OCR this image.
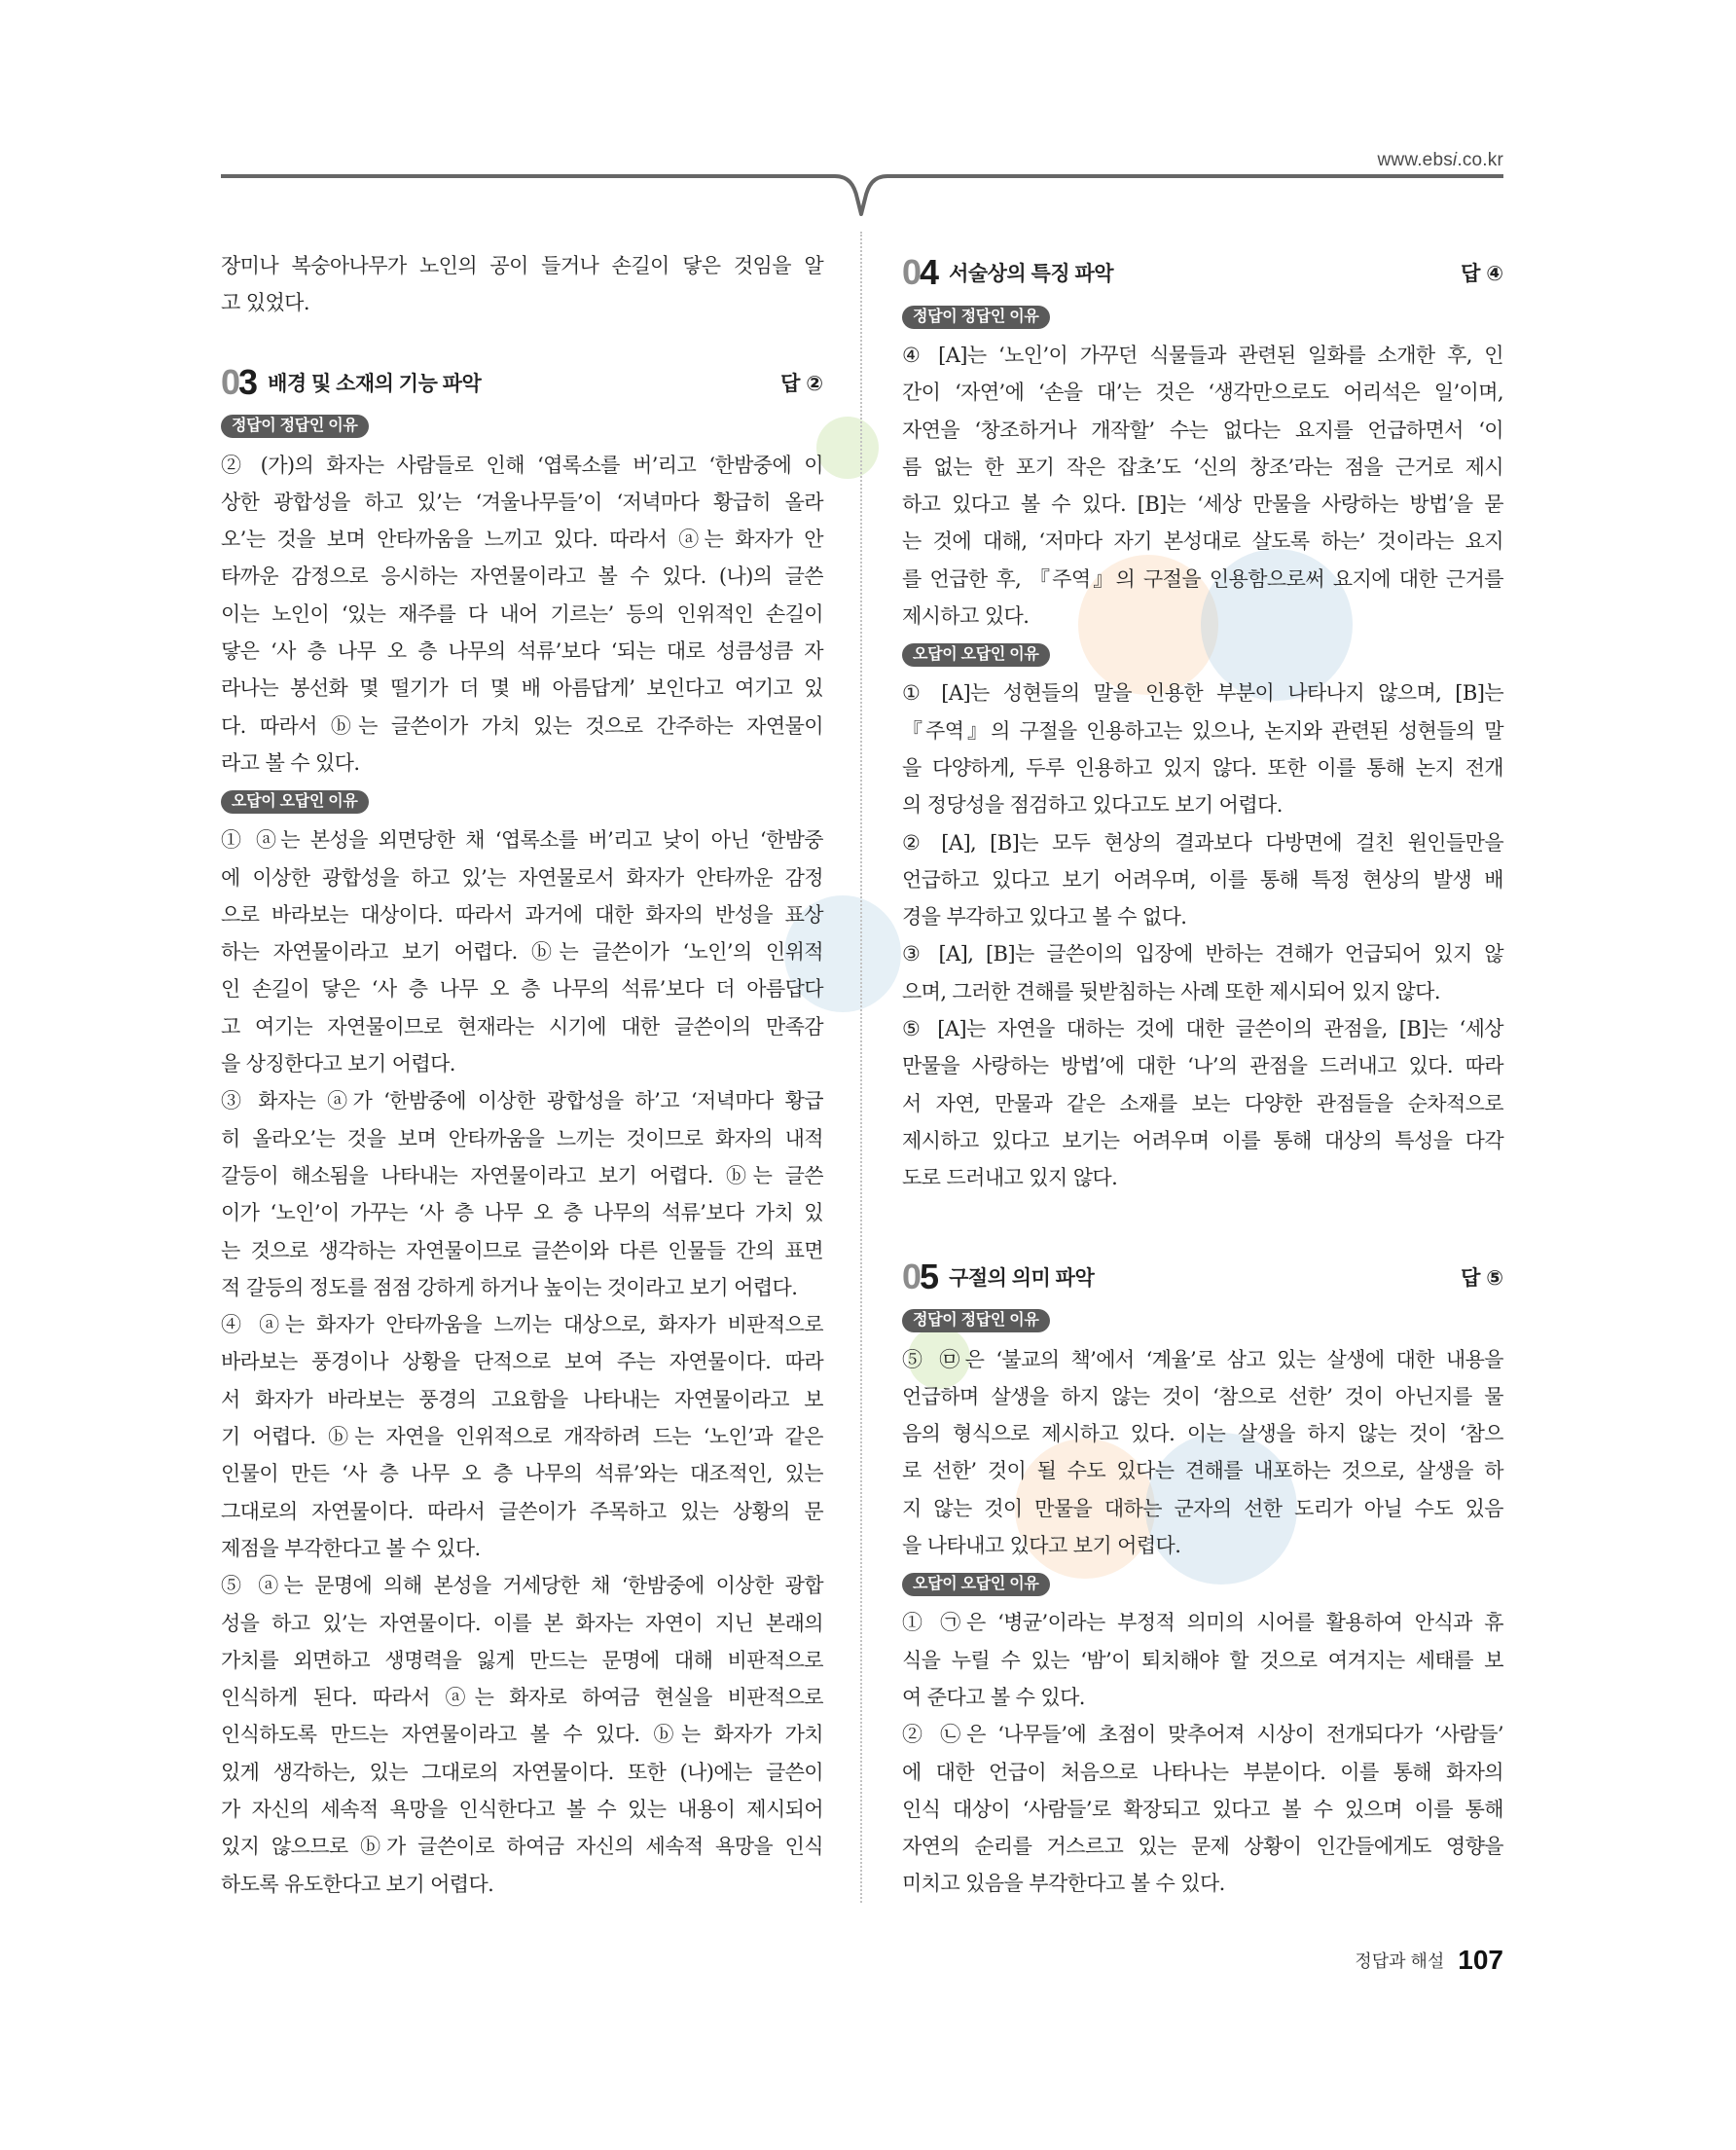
www.ebsi.co.kr
장미나 복숭아나무가 노인의 공이 들거나 손길이 닿은 것임을 알
고 있었다.
03 배경 및 소재의 기능 파악	답 ②
정답이 정답인 이유
② (가)의 화자는 사람들로 인해 ‘엽록소를 버’리고 ‘한밤중에 이
상한 광합성을 하고 있’는 ‘겨울나무들’이 ‘저녁마다 황급히 올라
오’는 것을 보며 안타까움을 느끼고 있다. 따라서 ⓐ는 화자가 안
타까운 감정으로 응시하는 자연물이라고 볼 수 있다. (나)의 글쓴
이는 노인이 ‘있는 재주를 다 내어 기르는’ 등의 인위적인 손길이
닿은 ‘사 층 나무 오 층 나무의 석류’보다 ‘되는 대로 성큼성큼 자
라나는 봉선화 몇 떨기가 더 몇 배 아름답게’ 보인다고 여기고 있
다. 따라서 ⓑ는 글쓴이가 가치 있는 것으로 간주하는 자연물이
라고 볼 수 있다.
오답이 오답인 이유
① ⓐ는 본성을 외면당한 채 ‘엽록소를 버’리고 낮이 아닌 ‘한밤중
에 이상한 광합성을 하고 있’는 자연물로서 화자가 안타까운 감정
으로 바라보는 대상이다. 따라서 과거에 대한 화자의 반성을 표상
하는 자연물이라고 보기 어렵다. ⓑ는 글쓴이가 ‘노인’의 인위적
인 손길이 닿은 ‘사 층 나무 오 층 나무의 석류’보다 더 아름답다
고 여기는 자연물이므로 현재라는 시기에 대한 글쓴이의 만족감
을 상징한다고 보기 어렵다.
③ 화자는 ⓐ가 ‘한밤중에 이상한 광합성을 하’고 ‘저녁마다 황급
히 올라오’는 것을 보며 안타까움을 느끼는 것이므로 화자의 내적
갈등이 해소됨을 나타내는 자연물이라고 보기 어렵다. ⓑ는 글쓴
이가 ‘노인’이 가꾸는 ‘사 층 나무 오 층 나무의 석류’보다 가치 있
는 것으로 생각하는 자연물이므로 글쓴이와 다른 인물들 간의 표면
적 갈등의 정도를 점점 강하게 하거나 높이는 것이라고 보기 어렵다.
④ ⓐ는 화자가 안타까움을 느끼는 대상으로, 화자가 비판적으로
바라보는 풍경이나 상황을 단적으로 보여 주는 자연물이다. 따라
서 화자가 바라보는 풍경의 고요함을 나타내는 자연물이라고 보
기 어렵다. ⓑ는 자연을 인위적으로 개작하려 드는 ‘노인’과 같은
인물이 만든 ‘사 층 나무 오 층 나무의 석류’와는 대조적인, 있는
그대로의 자연물이다. 따라서 글쓴이가 주목하고 있는 상황의 문
제점을 부각한다고 볼 수 있다.
⑤ ⓐ는 문명에 의해 본성을 거세당한 채 ‘한밤중에 이상한 광합
성을 하고 있’는 자연물이다. 이를 본 화자는 자연이 지닌 본래의
가치를 외면하고 생명력을 잃게 만드는 문명에 대해 비판적으로
인식하게 된다. 따라서 ⓐ는 화자로 하여금 현실을 비판적으로
인식하도록 만드는 자연물이라고 볼 수 있다. ⓑ는 화자가 가치
있게 생각하는, 있는 그대로의 자연물이다. 또한 (나)에는 글쓴이
가 자신의 세속적 욕망을 인식한다고 볼 수 있는 내용이 제시되어
있지 않으므로 ⓑ가 글쓴이로 하여금 자신의 세속적 욕망을 인식
하도록 유도한다고 보기 어렵다.
04 서술상의 특징 파악	답 ④
정답이 정답인 이유
④ [A]는 ‘노인’이 가꾸던 식물들과 관련된 일화를 소개한 후, 인
간이 ‘자연’에 ‘손을 대’는 것은 ‘생각만으로도 어리석은 일’이며,
자연을 ‘창조하거나 개작할’ 수는 없다는 요지를 언급하면서 ‘이
름 없는 한 포기 작은 잡초’도 ‘신의 창조’라는 점을 근거로 제시
하고 있다고 볼 수 있다. [B]는 ‘세상 만물을 사랑하는 방법’을 묻
는 것에 대해, ‘저마다 자기 본성대로 살도록 하는’ 것이라는 요지
를 언급한 후, 『주역』의 구절을 인용함으로써 요지에 대한 근거를
제시하고 있다.
오답이 오답인 이유
① [A]는 성현들의 말을 인용한 부분이 나타나지 않으며, [B]는
『주역』의 구절을 인용하고는 있으나, 논지와 관련된 성현들의 말
을 다양하게, 두루 인용하고 있지 않다. 또한 이를 통해 논지 전개
의 정당성을 점검하고 있다고도 보기 어렵다.
② [A], [B]는 모두 현상의 결과보다 다방면에 걸친 원인들만을
언급하고 있다고 보기 어려우며, 이를 통해 특정 현상의 발생 배
경을 부각하고 있다고 볼 수 없다.
③ [A], [B]는 글쓴이의 입장에 반하는 견해가 언급되어 있지 않
으며, 그러한 견해를 뒷받침하는 사례 또한 제시되어 있지 않다.
⑤ [A]는 자연을 대하는 것에 대한 글쓴이의 관점을, [B]는 ‘세상
만물을 사랑하는 방법’에 대한 ‘나’의 관점을 드러내고 있다. 따라
서 자연, 만물과 같은 소재를 보는 다양한 관점들을 순차적으로
제시하고 있다고 보기는 어려우며 이를 통해 대상의 특성을 다각
도로 드러내고 있지 않다.
05 구절의 의미 파악	답 ⑤
정답이 정답인 이유
⑤ ㉤은 ‘불교의 책’에서 ‘계율’로 삼고 있는 살생에 대한 내용을
언급하며 살생을 하지 않는 것이 ‘참으로 선한’ 것이 아닌지를 물
음의 형식으로 제시하고 있다. 이는 살생을 하지 않는 것이 ‘참으
로 선한’ 것이 될 수도 있다는 견해를 내포하는 것으로, 살생을 하
지 않는 것이 만물을 대하는 군자의 선한 도리가 아닐 수도 있음
을 나타내고 있다고 보기 어렵다.
오답이 오답인 이유
① ㉠은 ‘병균’이라는 부정적 의미의 시어를 활용하여 안식과 휴
식을 누릴 수 있는 ‘밤’이 퇴치해야 할 것으로 여겨지는 세태를 보
여 준다고 볼 수 있다.
② ㉡은 ‘나무들’에 초점이 맞추어져 시상이 전개되다가 ‘사람들’
에 대한 언급이 처음으로 나타나는 부분이다. 이를 통해 화자의
인식 대상이 ‘사람들’로 확장되고 있다고 볼 수 있으며 이를 통해
자연의 순리를 거스르고 있는 문제 상황이 인간들에게도 영향을
미치고 있음을 부각한다고 볼 수 있다.
정답과 해설 107
